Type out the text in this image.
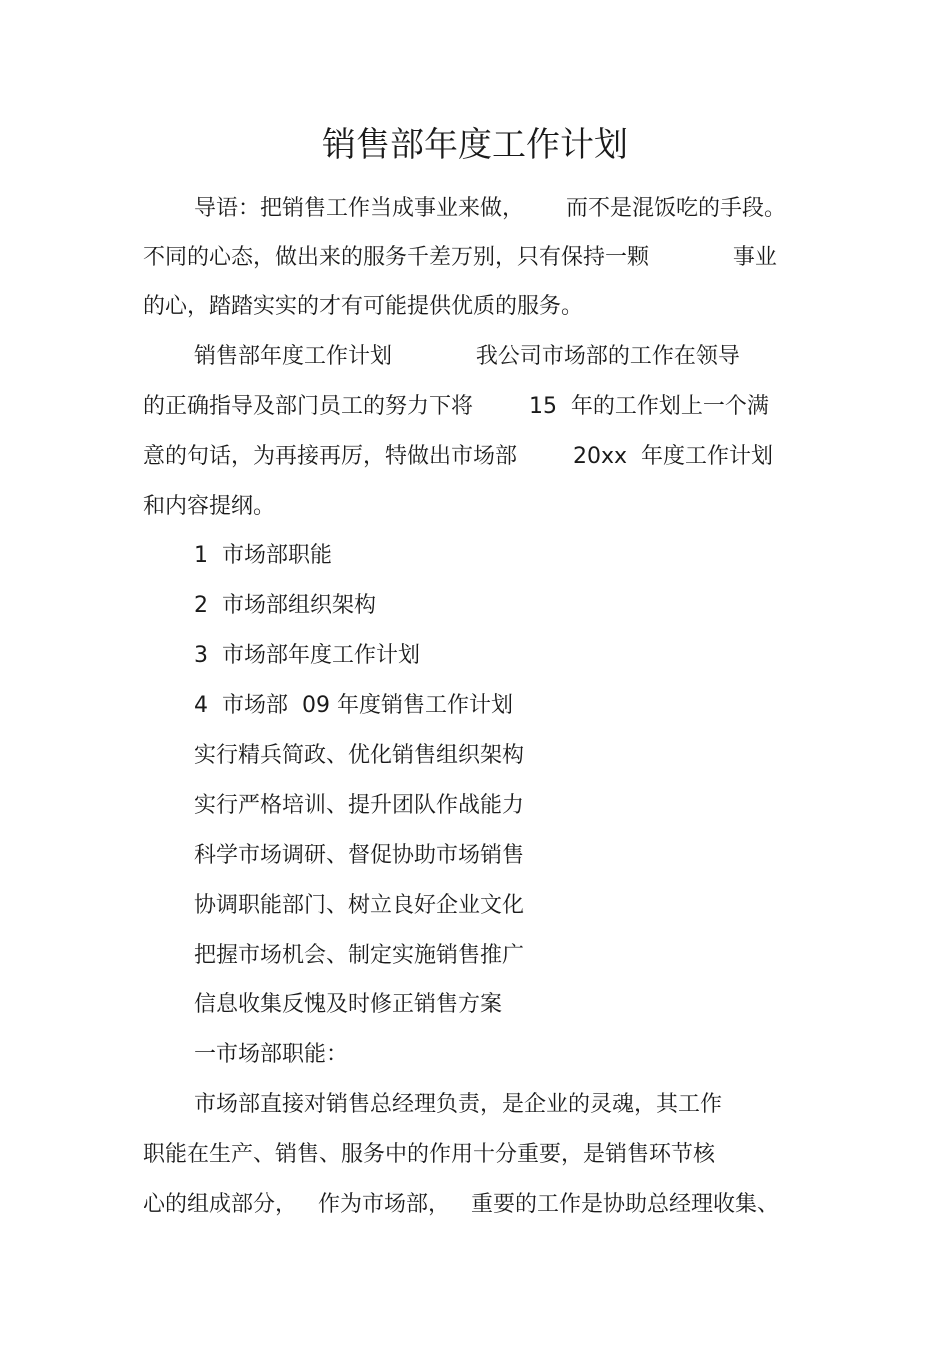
销售部年度工作计划
导语：把销售工作当成事业来做，      而不是混饭吃的手段。
不同的心态，做出来的服务千差万别，只有保持一颗            事业
的心，踏踏实实的才有可能提供优质的服务。
销售部年度工作计划            我公司市场部的工作在领导
的正确指导及部门员工的努力下将        15  年的工作划上一个满
意的句话，为再接再厉，特做出市场部        20xx  年度工作计划
和内容提纲。
1  市场部职能
2  市场部组织架构
3  市场部年度工作计划
4  市场部  09 年度销售工作计划
实行精兵简政、优化销售组织架构
实行严格培训、提升团队作战能力
科学市场调研、督促协助市场销售
协调职能部门、树立良好企业文化
把握市场机会、制定实施销售推广
信息收集反愧及时修正销售方案
一市场部职能：
市场部直接对销售总经理负责，是企业的灵魂，其工作
职能在生产、销售、服务中的作用十分重要，是销售环节核
心的组成部分，   作为市场部，   重要的工作是协助总经理收集、
